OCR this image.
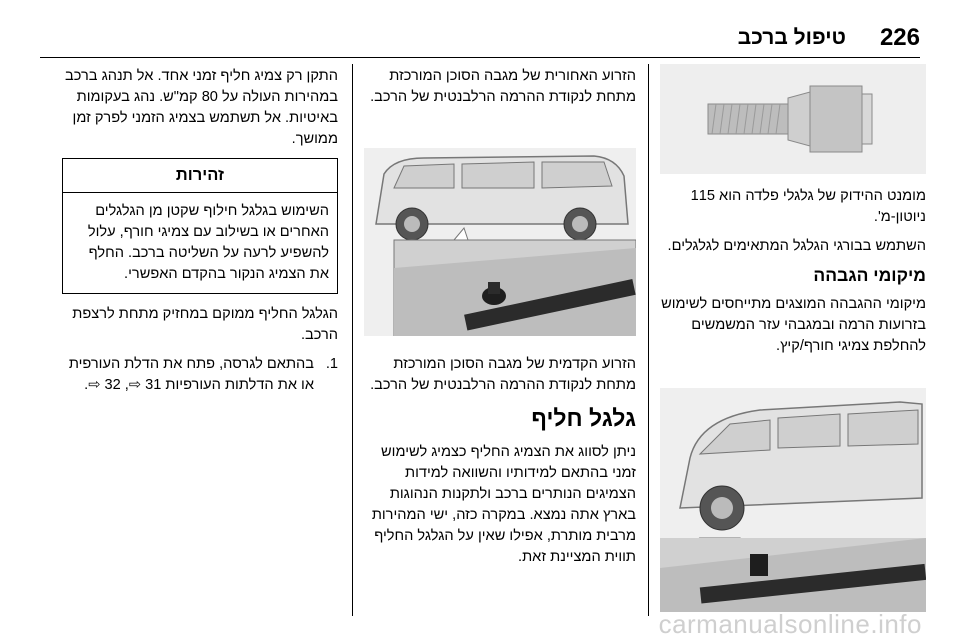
226
טיפול ברכב

מומנט ההידוק של גלגלי פלדה הוא 115 ניוטון-מ'.

השתמש בבורגי הגלגל המתאימים לגלגלים.

מיקומי הגבהה

מיקומי ההגבהה המוצגים מתייחסים לשימוש בזרועות הרמה ובמגבהי עזר המשמשים להחלפת צמיגי חורף/קיץ.

הזרוע האחורית של מגבה הסוכן המורכזת מתחת לנקודת ההרמה הרלבנטית של הרכב.

הזרוע הקדמית של מגבה הסוכן המורכזת מתחת לנקודת ההרמה הרלבנטית של הרכב.

גלגל חליף

ניתן לסווג את הצמיג החליף כצמיג לשימוש זמני בהתאם למידותיו והשוואה למידות הצמיגים הנותרים ברכב ולתקנות הנהוגות בארץ אתה נמצא. במקרה כזה, ישי המהירות מרבית מותרת, אפילו שאין על הגלגל החליף תווית המציינת זאת.

התקן רק צמיג חליף זמני אחד. אל תנהג ברכב במהירות העולה על 80 קמ"ש. נהג בעקומות באיטיות. אל תשתמש בצמיג הזמני לפרק זמן ממושך.

זהירות
השימוש בגלגל חילוף שקטן מן הגלגלים האחרים או בשילוב עם צמיגי חורף, עלול להשפיע לרעה על השליטה ברכב. החלף את הצמיג הנקור בהקדם האפשרי.

הגלגל החליף ממוקם במחזיק מתחת לרצפת הרכב.

1.
בהתאם לגרסה, פתח את הדלת העורפית או את הדלתות העורפיות 31 ⇨, 32 ⇨.
carmanualsonline.info
